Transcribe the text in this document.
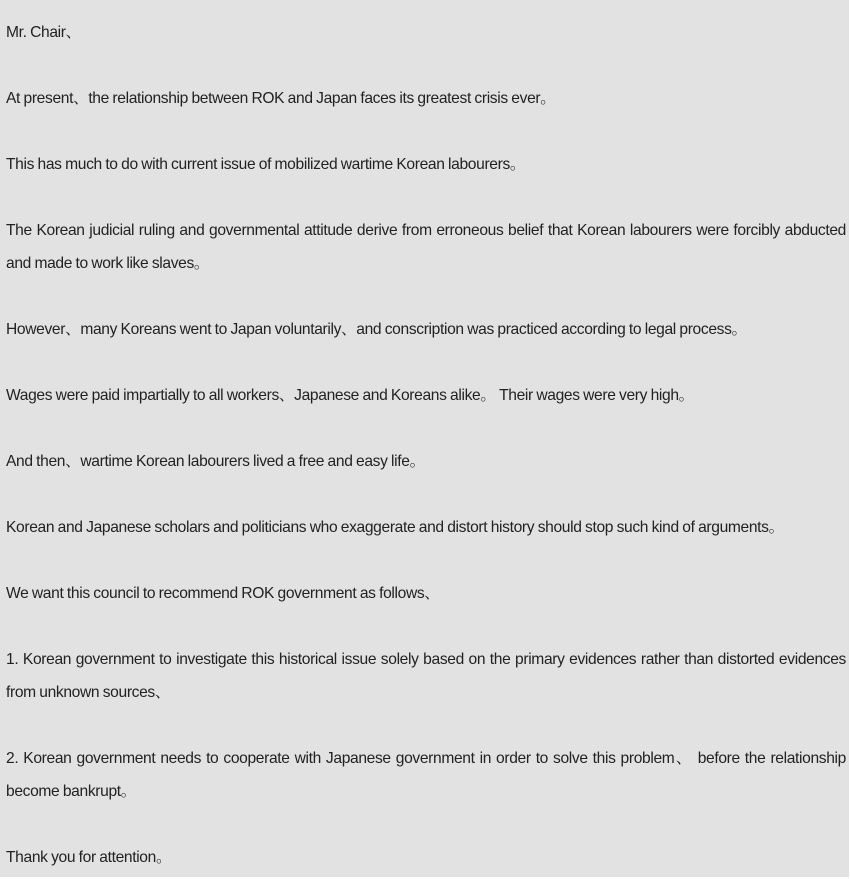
Mr. Chair、

At present、the relationship between ROK and Japan faces its greatest crisis ever。

This has much to do with current issue of mobilized wartime Korean labourers。

The Korean judicial ruling and governmental attitude derive from erroneous belief that Korean labourers were forcibly abducted and made to work like slaves。

However、many Koreans went to Japan voluntarily、and conscription was practiced according to legal process。

Wages were paid impartially to all workers、Japanese and Koreans alike。 Their wages were very high。

And then、wartime Korean labourers lived a free and easy life。

Korean and Japanese scholars and politicians who exaggerate and distort history should stop such kind of arguments。

We want this council to recommend ROK government as follows、

1. Korean government to investigate this historical issue solely based on the primary evidences rather than distorted evidences from unknown sources、

2. Korean government needs to cooperate with Japanese government in order to solve this problem、 before the relationship become bankrupt。

Thank you for attention。
